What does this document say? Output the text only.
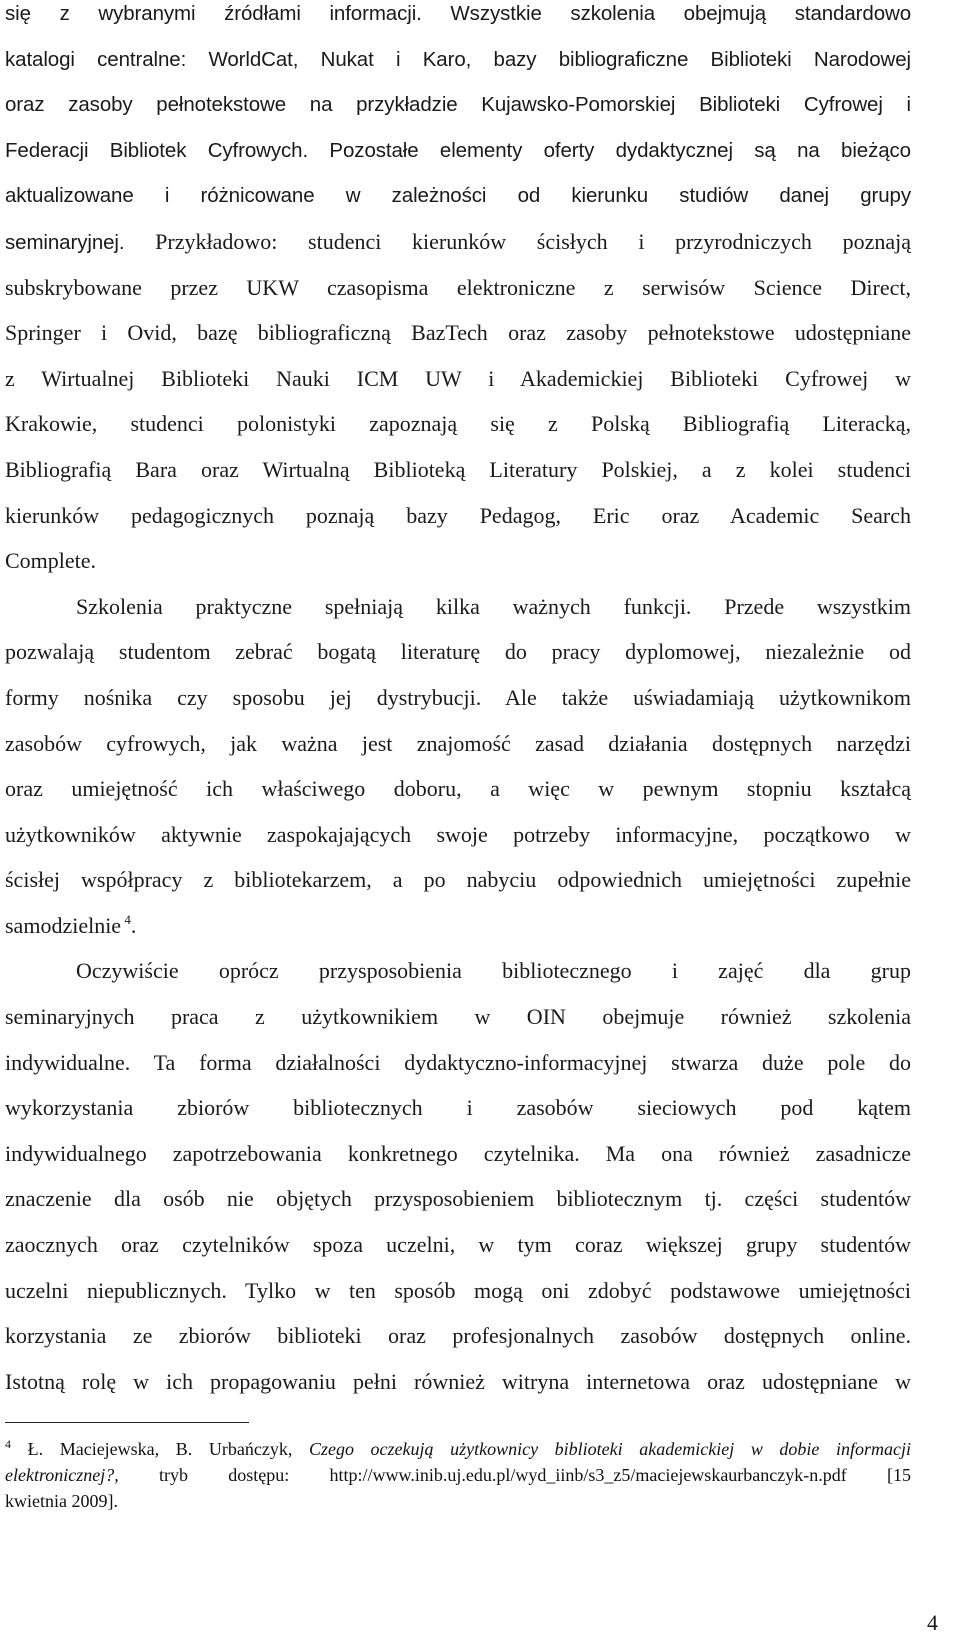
się z wybranymi źródłami informacji. Wszystkie szkolenia obejmują standardowo
katalogi centralne: WorldCat, Nukat i Karo, bazy bibliograficzne Biblioteki Narodowej
oraz zasoby pełnotekstowe na przykładzie Kujawsko-Pomorskiej Biblioteki Cyfrowej i
Federacji Bibliotek Cyfrowych. Pozostałe elementy oferty dydaktycznej są na bieżąco
aktualizowane i różnicowane w zależności od kierunku studiów danej grupy
seminaryjnej. Przykładowo: studenci kierunków ścisłych i przyrodniczych poznają
subskrybowane przez UKW czasopisma elektroniczne z serwisów Science Direct,
Springer i Ovid, bazę bibliograficzną BazTech oraz zasoby pełnotekstowe udostępniane
z Wirtualnej Biblioteki Nauki ICM UW i Akademickiej Biblioteki Cyfrowej w
Krakowie, studenci polonistyki zapoznają się z Polską Bibliografią Literacką,
Bibliografią Bara oraz Wirtualną Biblioteką Literatury Polskiej, a z kolei studenci
kierunków pedagogicznych poznają bazy Pedagog, Eric oraz Academic Search
Complete.
Szkolenia praktyczne spełniają kilka ważnych funkcji. Przede wszystkim
pozwalają studentom zebrać bogatą literaturę do pracy dyplomowej, niezależnie od
formy nośnika czy sposobu jej dystrybucji. Ale także uświadamiają użytkownikom
zasobów cyfrowych, jak ważna jest znajomość zasad działania dostępnych narzędzi
oraz umiejętność ich właściwego doboru, a więc w pewnym stopniu kształcą
użytkowników aktywnie zaspokajających swoje potrzeby informacyjne, początkowo w
ścisłej współpracy z bibliotekarzem, a po nabyciu odpowiednich umiejętności zupełnie
samodzielnie $^4$.
Oczywiście oprócz przysposobienia bibliotecznego i zajęć dla grup
seminaryjnych praca z użytkownikiem w OIN obejmuje również szkolenia
indywidualne. Ta forma działalności dydaktyczno-informacyjnej stwarza duże pole do
wykorzystania zbiorów bibliotecznych i zasobów sieciowych pod kątem
indywidualnego zapotrzebowania konkretnego czytelnika. Ma ona również zasadnicze
znaczenie dla osób nie objętych przysposobieniem bibliotecznym tj. części studentów
zaocznych oraz czytelników spoza uczelni, w tym coraz większej grupy studentów
uczelni niepublicznych. Tylko w ten sposób mogą oni zdobyć podstawowe umiejętności
korzystania ze zbiorów biblioteki oraz profesjonalnych zasobów dostępnych online.
Istotną rolę w ich propagowaniu pełni również witryna internetowa oraz udostępniane w
$^4$ Ł. Maciejewska, B. Urbańczyk, Czego oczekują użytkownicy biblioteki akademickiej w dobie informacji
elektronicznej?, tryb dostępu: http://www.inib.uj.edu.pl/wyd_iinb/s3_z5/maciejewskaurbanczyk-n.pdf [15
kwietnia 2009].
4
